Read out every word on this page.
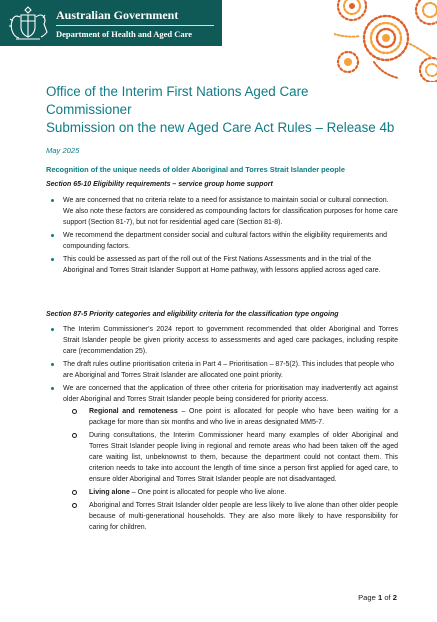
Australian Government
Department of Health and Aged Care
Office of the Interim First Nations Aged Care
Commissioner
Submission on the new Aged Care Act Rules – Release 4b
May 2025
Recognition of the unique needs of older Aboriginal and Torres Strait Islander people
Section 65-10 Eligibility requirements – service group home support
We are concerned that no criteria relate to a need for assistance to maintain social or cultural connection. We also note these factors are considered as compounding factors for classification purposes for home care support (Section 81-7), but not for residential aged care (Section 81-8).
We recommend the department consider social and cultural factors within the eligibility requirements and compounding factors.
This could be assessed as part of the roll out of the First Nations Assessments and in the trial of the Aboriginal and Torres Strait Islander Support at Home pathway, with lessons applied across aged care.
Section 87-5 Priority categories and eligibility criteria for the classification type ongoing
The Interim Commissioner's 2024 report to government recommended that older Aboriginal and Torres Strait Islander people be given priority access to assessments and aged care packages, including respite care (recommendation 25).
The draft rules outline prioritisation criteria in Part 4 – Prioritisation – 87-5(2). This includes that people who are Aboriginal and Torres Strait Islander are allocated one point priority.
We are concerned that the application of three other criteria for prioritisation may inadvertently act against older Aboriginal and Torres Strait Islander people being considered for priority access.
Regional and remoteness – One point is allocated for people who have been waiting for a package for more than six months and who live in areas designated MM5-7.
During consultations, the Interim Commissioner heard many examples of older Aboriginal and Torres Strait Islander people living in regional and remote areas who had been taken off the aged care waiting list, unbeknownst to them, because the department could not contact them. This criterion needs to take into account the length of time since a person first applied for aged care, to ensure older Aboriginal and Torres Strait Islander people are not disadvantaged.
Living alone – One point is allocated for people who live alone.
Aboriginal and Torres Strait Islander older people are less likely to live alone than other older people because of multi-generational households. They are also more likely to have responsibility for caring for children.
Page 1 of 2
